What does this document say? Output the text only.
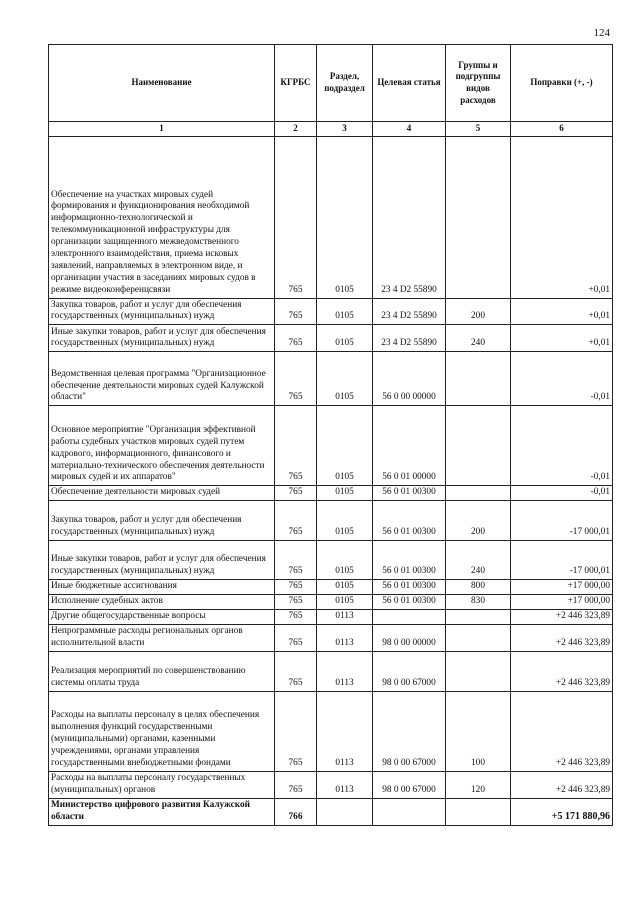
124
Наименование	КГРБС	Раздел, подраздел	Целевая статья	Группы и подгруппы видов расходов	Поправки (+, -)
1	2	3	4	5	6
Обеспечение на участках мировых судей формирования и функционирования необходимой информационно-технологической и телекоммуникационной инфраструктуры для организации защищенного межведомственного электронного взаимодействия, приема исковых заявлений, направляемых в электронном виде, и организации участия в заседаниях мировых судов в режиме видеоконференцсвязи	765	0105	23 4 D2 55890		+0,01
Закупка товаров, работ и услуг для обеспечения государственных (муниципальных) нужд	765	0105	23 4 D2 55890	200	+0,01
Иные закупки товаров, работ и услуг для обеспечения государственных (муниципальных) нужд	765	0105	23 4 D2 55890	240	+0,01
Ведомственная целевая программа "Организационное обеспечение деятельности мировых судей Калужской области"	765	0105	56 0 00 00000		-0,01
Основное мероприятие "Организация эффективной работы судебных участков мировых судей путем кадрового, информационного, финансового и материально-технического обеспечения деятельности мировых судей и их аппаратов"	765	0105	56 0 01 00000		-0,01
Обеспечение деятельности мировых судей	765	0105	56 0 01 00300		-0,01
Закупка товаров, работ и услуг для обеспечения государственных (муниципальных) нужд	765	0105	56 0 01 00300	200	-17 000,01
Иные закупки товаров, работ и услуг для обеспечения государственных (муниципальных) нужд	765	0105	56 0 01 00300	240	-17 000,01
Иные бюджетные ассигнования	765	0105	56 0 01 00300	800	+17 000,00
Исполнение судебных актов	765	0105	56 0 01 00300	830	+17 000,00
Другие общегосударственные вопросы	765	0113			+2 446 323,89
Непрограммные расходы региональных органов исполнительной власти	765	0113	98 0 00 00000		+2 446 323,89
Реализация мероприятий по совершенствованию системы оплаты труда	765	0113	98 0 00 67000		+2 446 323,89
Расходы на выплаты персоналу в целях обеспечения выполнения функций государственными (муниципальными) органами, казенными учреждениями, органами управления государственными внебюджетными фондами	765	0113	98 0 00 67000	100	+2 446 323,89
Расходы на выплаты персоналу государственных (муниципальных) органов	765	0113	98 0 00 67000	120	+2 446 323,89
Министерство цифрового развития Калужской области	766				+5 171 880,96
